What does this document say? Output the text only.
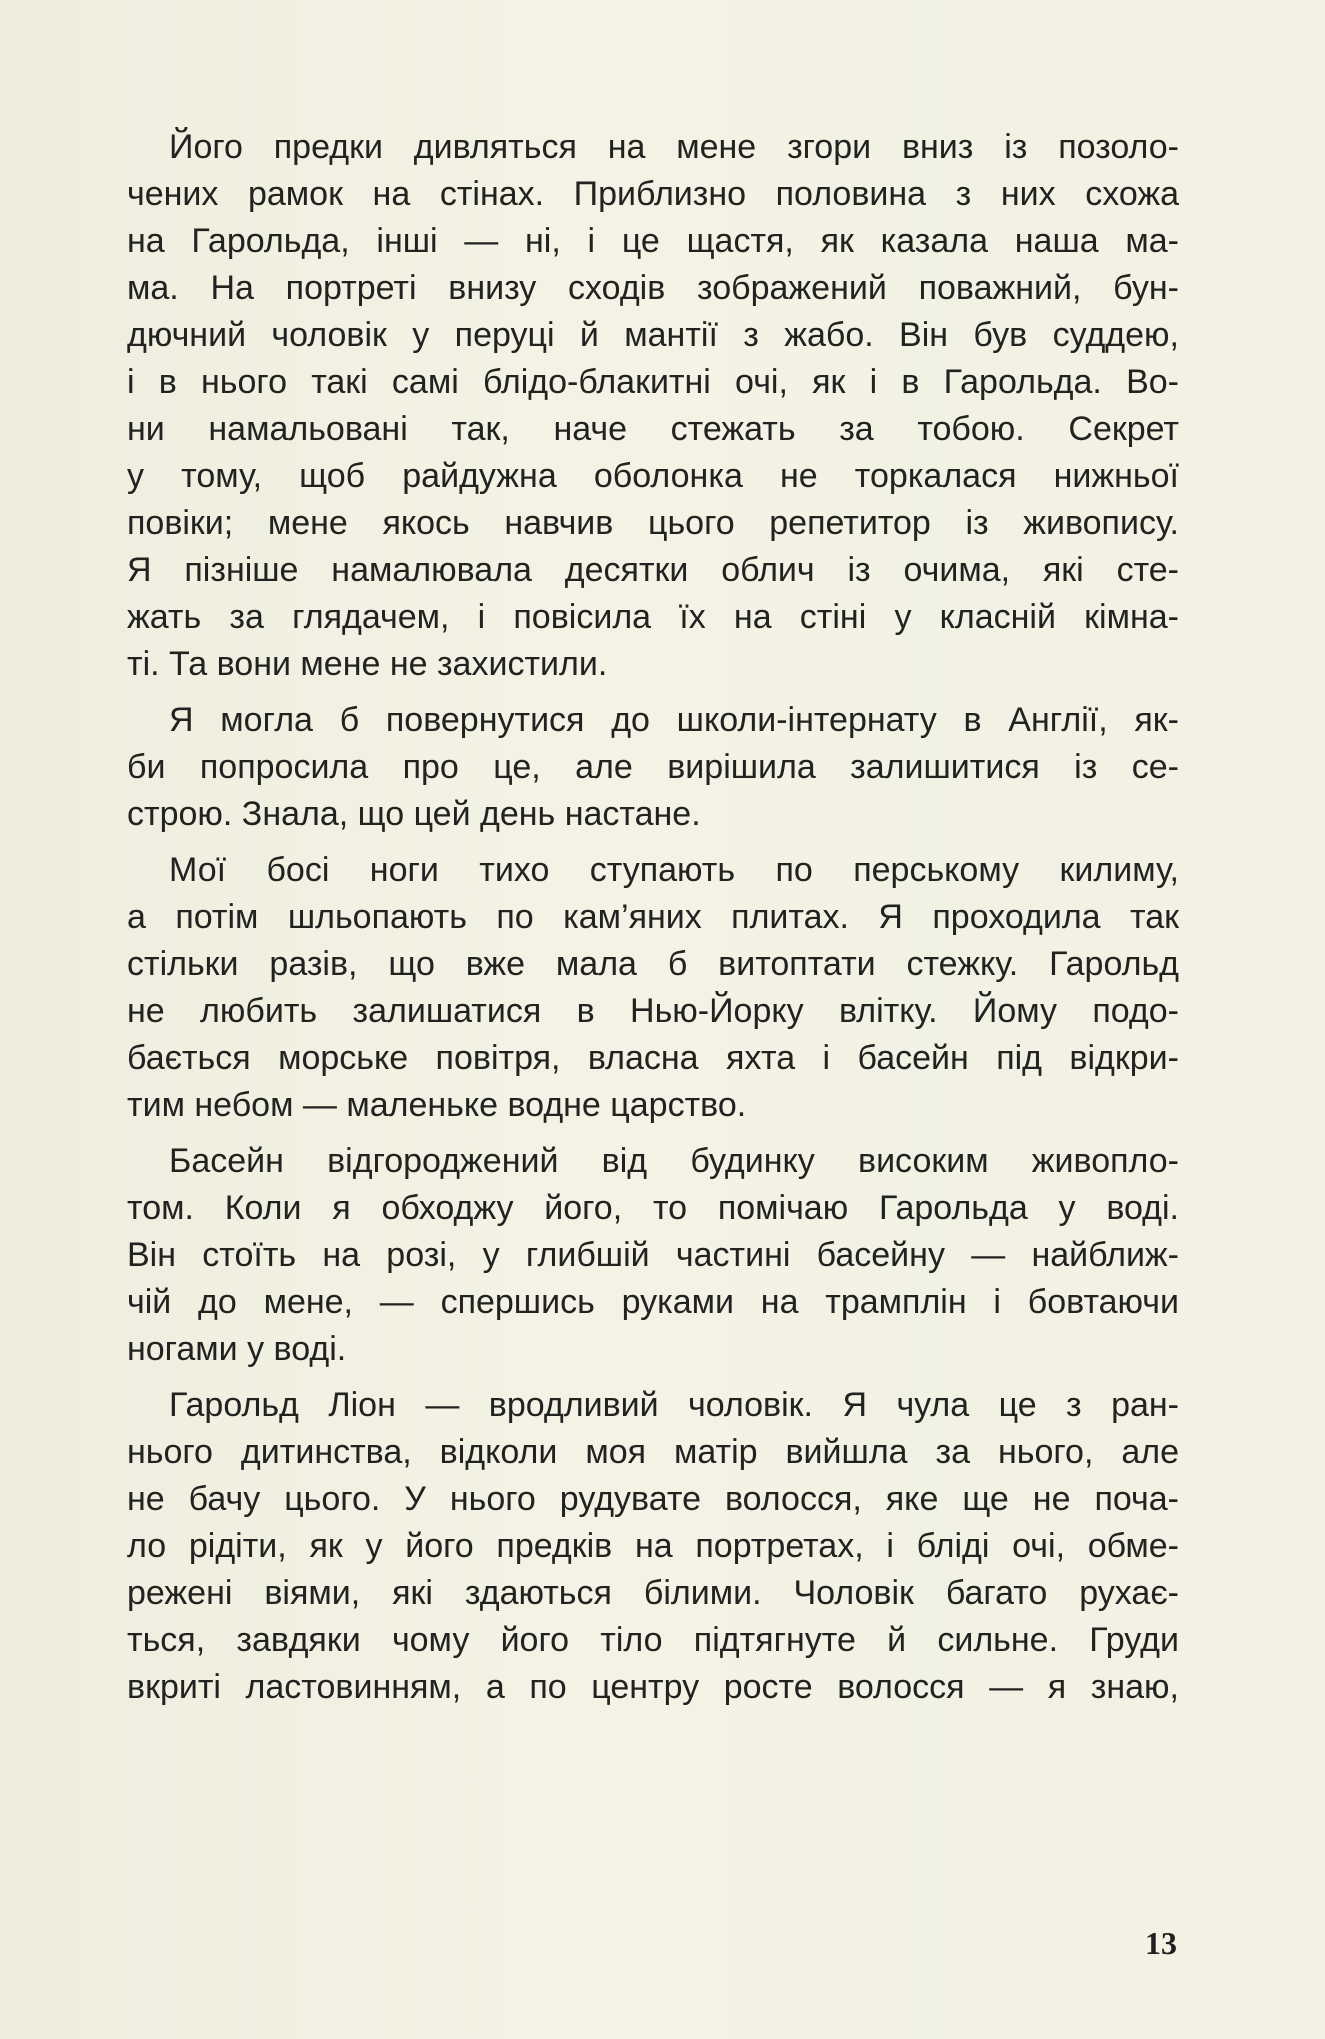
Його предки дивляться на мене згори вниз із позоло-
чених рамок на стінах. Приблизно половина з них схожа
на Гарольда, інші — ні, і це щастя, як казала наша ма-
ма. На портреті внизу сходів зображений поважний, бун-
дючний чоловік у перуці й мантії з жабо. Він був суддею,
і в нього такі самі блідо-блакитні очі, як і в Гарольда. Во-
ни намальовані так, наче стежать за тобою. Секрет
у тому, щоб райдужна оболонка не торкалася нижньої
повіки; мене якось навчив цього репетитор із живопису.
Я пізніше намалювала десятки облич із очима, які сте-
жать за глядачем, і повісила їх на стіні у класній кімна-
ті. Та вони мене не захистили.

Я могла б повернутися до школи-інтернату в Англії, як-
би попросила про це, але вирішила залишитися із се-
строю. Знала, що цей день настане.

Мої босі ноги тихо ступають по перському килиму,
а потім шльопають по кам’яних плитах. Я проходила так
стільки разів, що вже мала б витоптати стежку. Гарольд
не любить залишатися в Нью-Йорку влітку. Йому подо-
бається морське повітря, власна яхта і басейн під відкри-
тим небом — маленьке водне царство.

Басейн відгороджений від будинку високим живопло-
том. Коли я обходжу його, то помічаю Гарольда у воді.
Він стоїть на розі, у глибшій частині басейну — найближ-
чій до мене, — спершись руками на трамплін і бовтаючи
ногами у воді.

Гарольд Ліон — вродливий чоловік. Я чула це з ран-
нього дитинства, відколи моя матір вийшла за нього, але
не бачу цього. У нього рудувате волосся, яке ще не поча-
ло рідіти, як у його предків на портретах, і бліді очі, обме-
режені віями, які здаються білими. Чоловік багато рухає-
ться, завдяки чому його тіло підтягнуте й сильне. Груди
вкриті ластовинням, а по центру росте волосся — я знаю,

13
